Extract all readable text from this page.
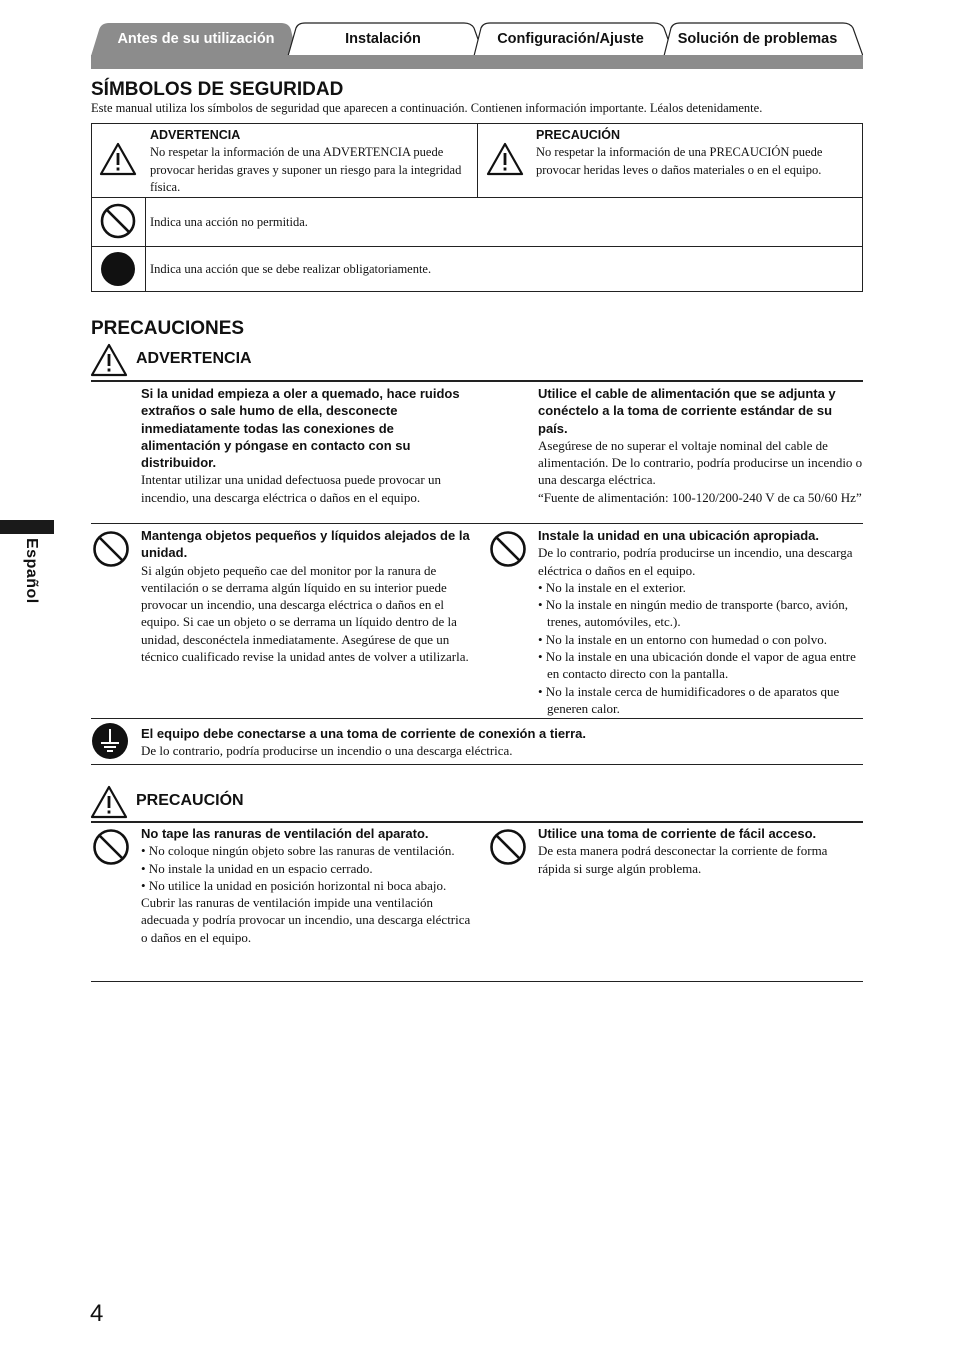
Antes de su utilización	Instalación	Configuración/Ajuste	Solución de problemas
SÍMBOLOS DE SEGURIDAD
Este manual utiliza los símbolos de seguridad que aparecen a continuación. Contienen información importante. Léalos detenidamente.
ADVERTENCIA
No respetar la información de una ADVERTENCIA puede provocar heridas graves y suponer un riesgo para la integridad física.
PRECAUCIÓN
No respetar la información de una PRECAUCIÓN puede provocar heridas leves o daños materiales o en el equipo.
Indica una acción no permitida.
Indica una acción que se debe realizar obligatoriamente.
PRECAUCIONES
ADVERTENCIA
Si la unidad empieza a oler a quemado, hace ruidos extraños o sale humo de ella, desconecte inmediatamente todas las conexiones de alimentación y póngase en contacto con su distribuidor.
Intentar utilizar una unidad defectuosa puede provocar un incendio, una descarga eléctrica o daños en el equipo.
Utilice el cable de alimentación que se adjunta y conéctelo a la toma de corriente estándar de su país.
Asegúrese de no superar el voltaje nominal del cable de alimentación. De lo contrario, podría producirse un incendio o una descarga eléctrica.
“Fuente de alimentación: 100-120/200-240 V de ca 50/60 Hz”
Mantenga objetos pequeños y líquidos alejados de la unidad.
Si algún objeto pequeño cae del monitor por la ranura de ventilación o se derrama algún líquido en su interior puede provocar un incendio, una descarga eléctrica o daños en el equipo. Si cae un objeto o se derrama un líquido dentro de la unidad, desconéctela inmediatamente. Asegúrese de que un técnico cualificado revise la unidad antes de volver a utilizarla.
Instale la unidad en una ubicación apropiada.
De lo contrario, podría producirse un incendio, una descarga eléctrica o daños en el equipo.
• No la instale en el exterior.
• No la instale en ningún medio de transporte (barco, avión, trenes, automóviles, etc.).
• No la instale en un entorno con humedad o con polvo.
• No la instale en una ubicación donde el vapor de agua entre en contacto directo con la pantalla.
• No la instale cerca de humidificadores o de aparatos que generen calor.
El equipo debe conectarse a una toma de corriente de conexión a tierra.
De lo contrario, podría producirse un incendio o una descarga eléctrica.
PRECAUCIÓN
No tape las ranuras de ventilación del aparato.
• No coloque ningún objeto sobre las ranuras de ventilación.
• No instale la unidad en un espacio cerrado.
• No utilice la unidad en posición horizontal ni boca abajo.
Cubrir las ranuras de ventilación impide una ventilación adecuada y podría provocar un incendio, una descarga eléctrica o daños en el equipo.
Utilice una toma de corriente de fácil acceso.
De esta manera podrá desconectar la corriente de forma rápida si surge algún problema.
Español
4
